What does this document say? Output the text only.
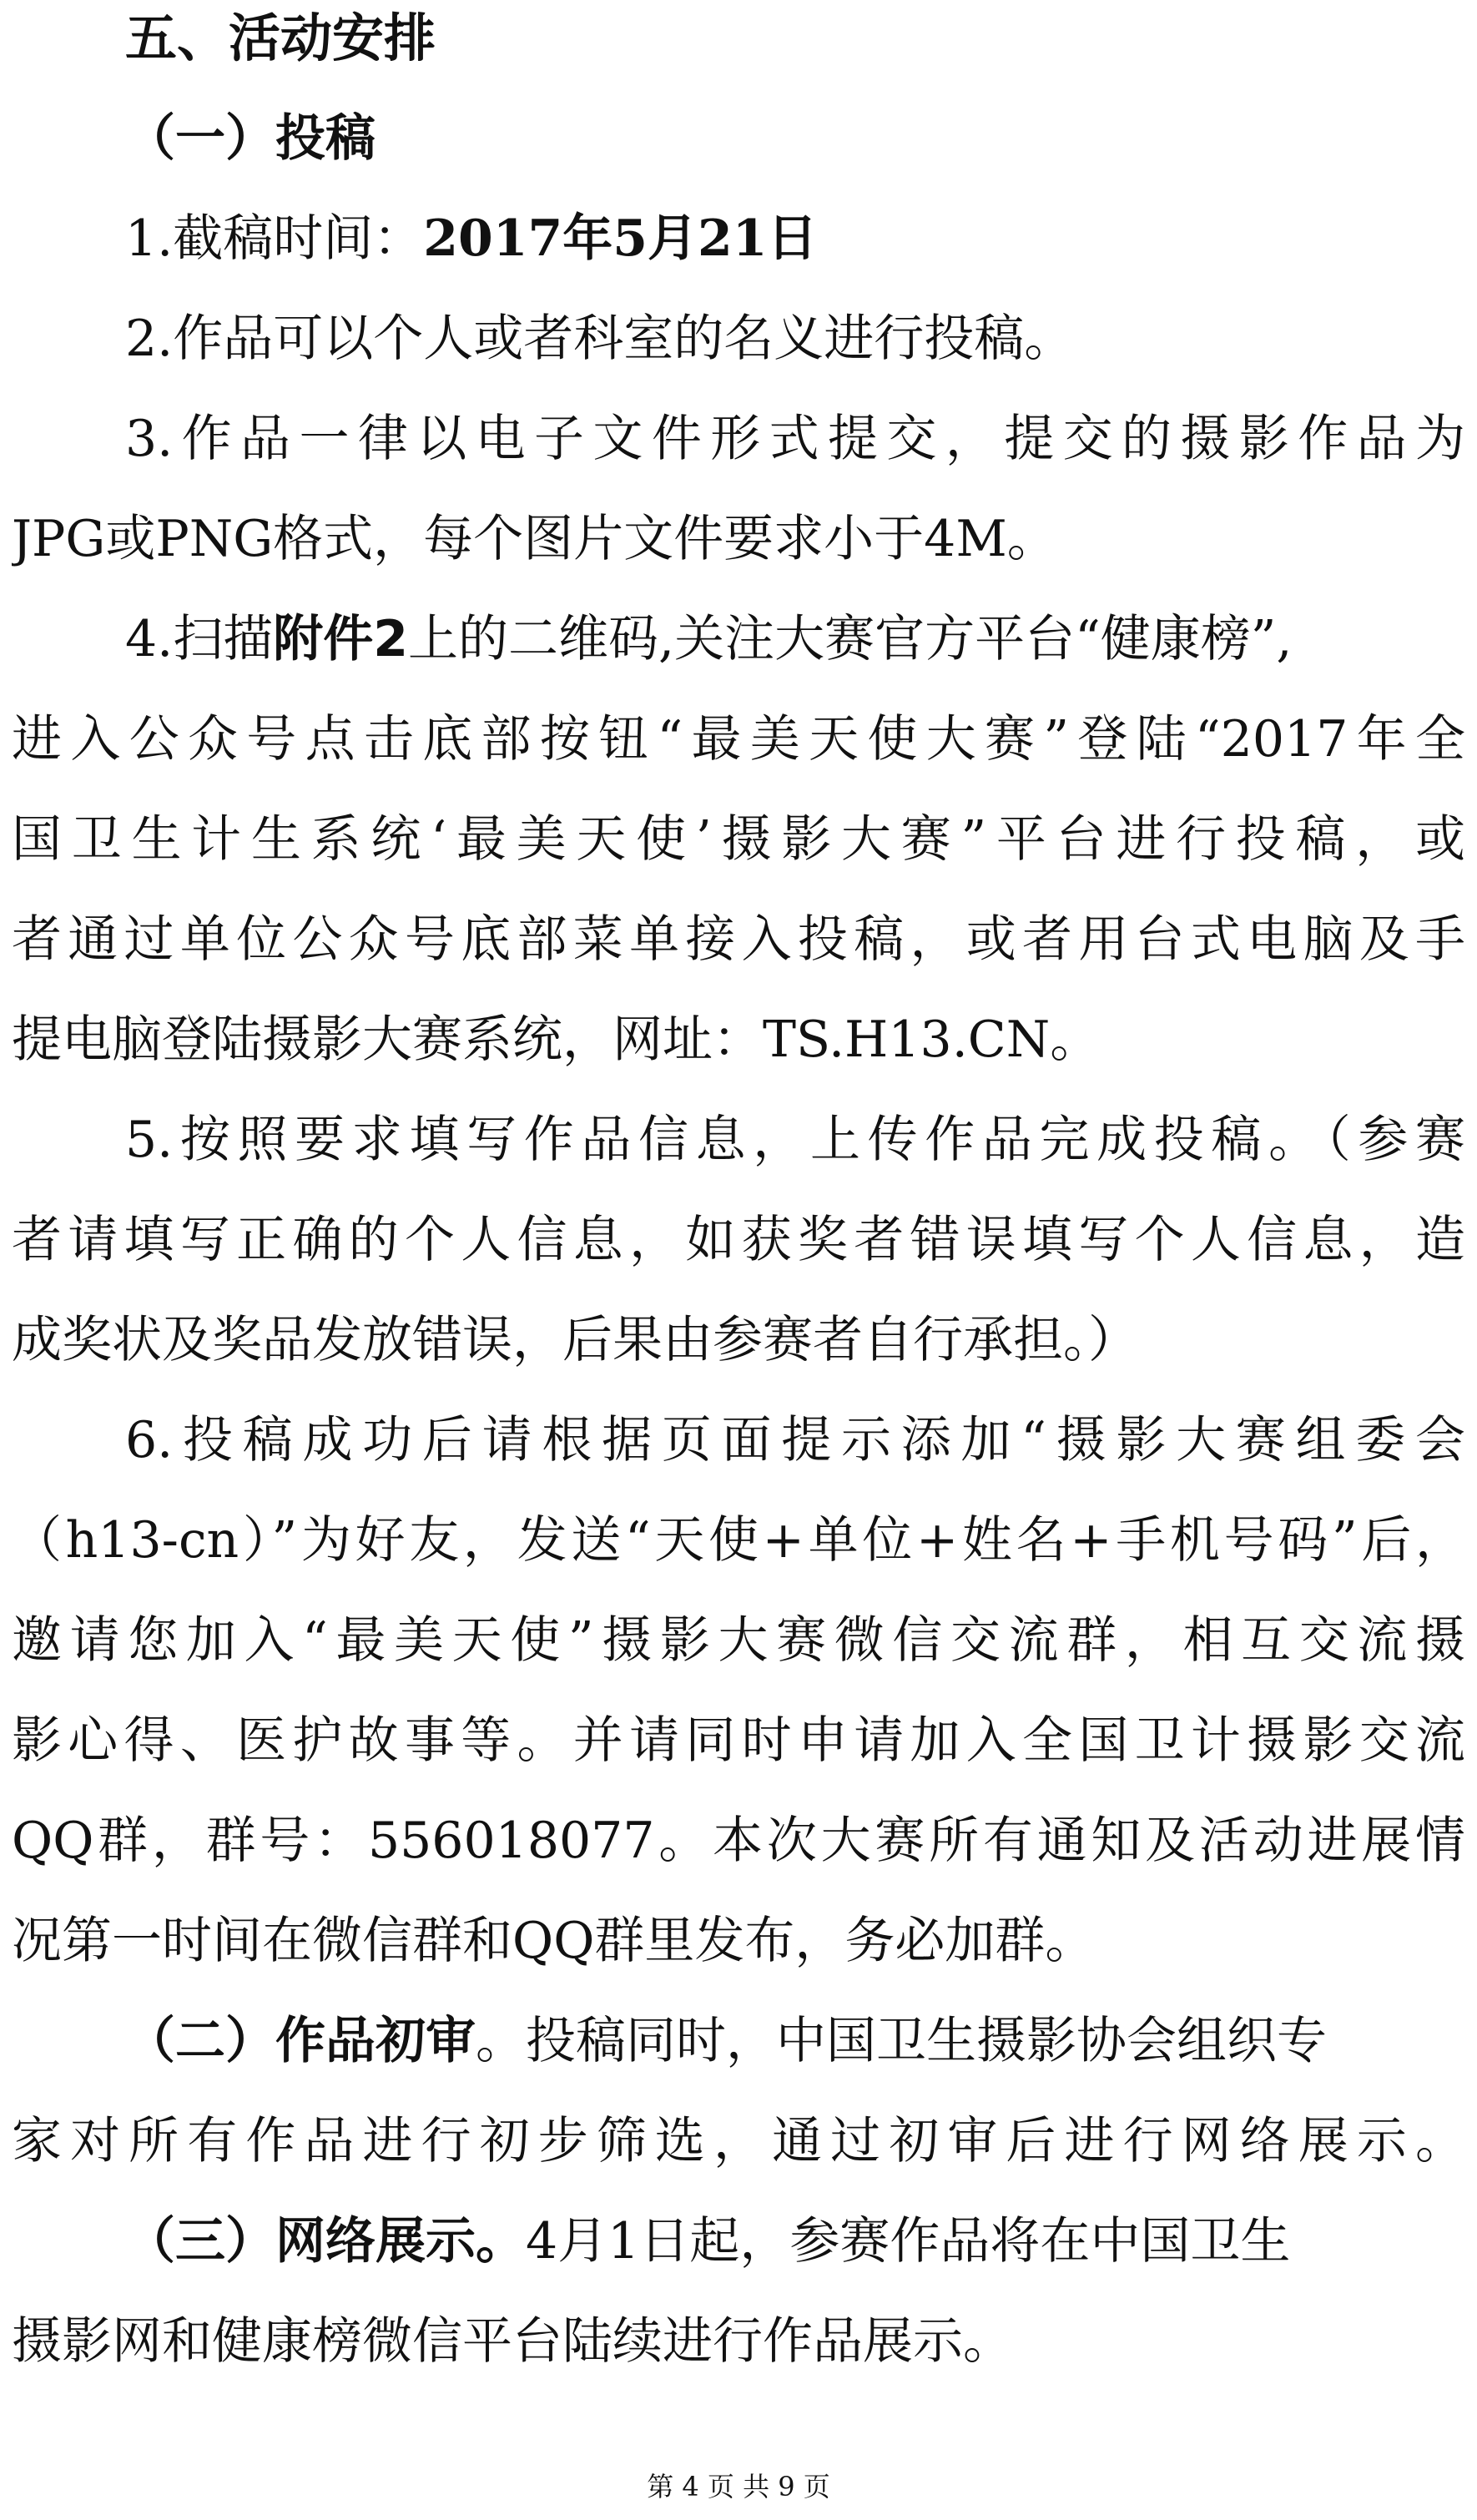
五、活动安排
（一）投稿
1.截稿时间：2017年5月21日
2.作品可以个人或者科室的名义进行投稿。
3.作品一律以电子文件形式提交，提交的摄影作品为
JPG或PNG格式，每个图片文件要求小于4M。
4.扫描附件2上的二维码,关注大赛官方平台“健康榜”,
进入公众号点击底部按钮“最美天使大赛”登陆“2017年全
国卫生计生系统‘最美天使’摄影大赛”平台进行投稿，或
者通过单位公众号底部菜单接入投稿，或者用台式电脑及手
提电脑登陆摄影大赛系统，网址：TS.H13.CN。
5.按照要求填写作品信息，上传作品完成投稿。（参赛
者请填写正确的个人信息，如获奖者错误填写个人信息，造
成奖状及奖品发放错误，后果由参赛者自行承担。）
6.投稿成功后请根据页面提示添加“摄影大赛组委会
（h13-cn）”为好友，发送“天使+单位+姓名+手机号码”后，
邀请您加入“最美天使”摄影大赛微信交流群，相互交流摄
影心得、医护故事等。并请同时申请加入全国卫计摄影交流
QQ群，群号：556018077。本次大赛所有通知及活动进展情
况第一时间在微信群和QQ群里发布，务必加群。
（二）作品初审。投稿同时，中国卫生摄影协会组织专
家对所有作品进行初步筛选，通过初审后进行网络展示。
（三）网络展示。4月1日起，参赛作品将在中国卫生
摄影网和健康榜微信平台陆续进行作品展示。
第 4 页 共 9 页
